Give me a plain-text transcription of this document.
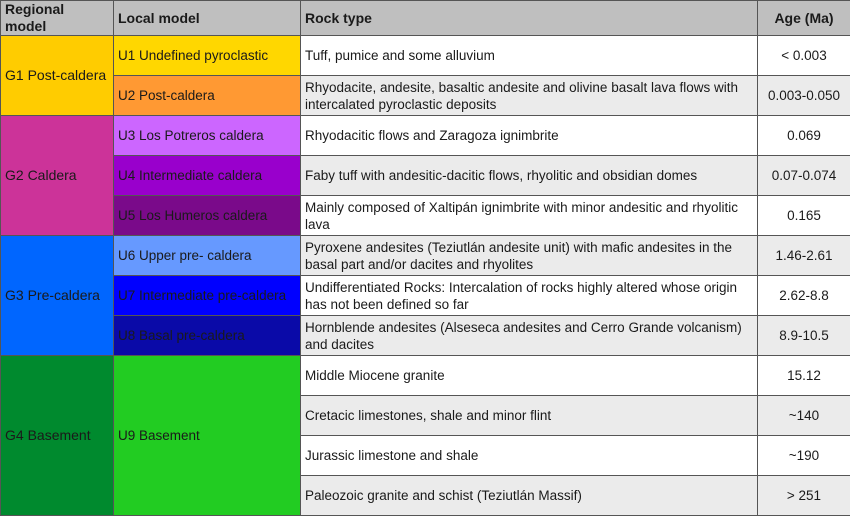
Regional model	Local model	Rock type	Age (Ma)
G1 Post-caldera	U1 Undefined pyroclastic	Tuff, pumice and some alluvium	< 0.003
	U2 Post-caldera	Rhyodacite, andesite, basaltic andesite and olivine basalt lava flows with intercalated pyroclastic deposits	0.003-0.050
G2 Caldera	U3 Los Potreros caldera	Rhyodacitic flows and Zaragoza ignimbrite	0.069
	U4 Intermediate caldera	Faby tuff with andesitic-dacitic flows, rhyolitic and obsidian domes	0.07-0.074
	U5 Los Humeros caldera	Mainly composed of Xaltipán ignimbrite with minor andesitic and rhyolitic lava	0.165
G3 Pre-caldera	U6 Upper pre- caldera	Pyroxene andesites (Teziutlán andesite unit) with mafic andesites in the basal part and/or dacites and rhyolites	1.46-2.61
	U7 Intermediate pre-caldera	Undifferentiated Rocks: Intercalation of rocks highly altered whose origin has not been defined so far	2.62-8.8
	U8 Basal pre-caldera	Hornblende andesites (Alseseca andesites and Cerro Grande volcanism) and dacites	8.9-10.5
G4 Basement	U9 Basement	Middle Miocene granite	15.12
		Cretacic limestones, shale and minor flint	~140
		Jurassic limestone and shale	~190
		Paleozoic granite and schist (Teziutlán Massif)	> 251
